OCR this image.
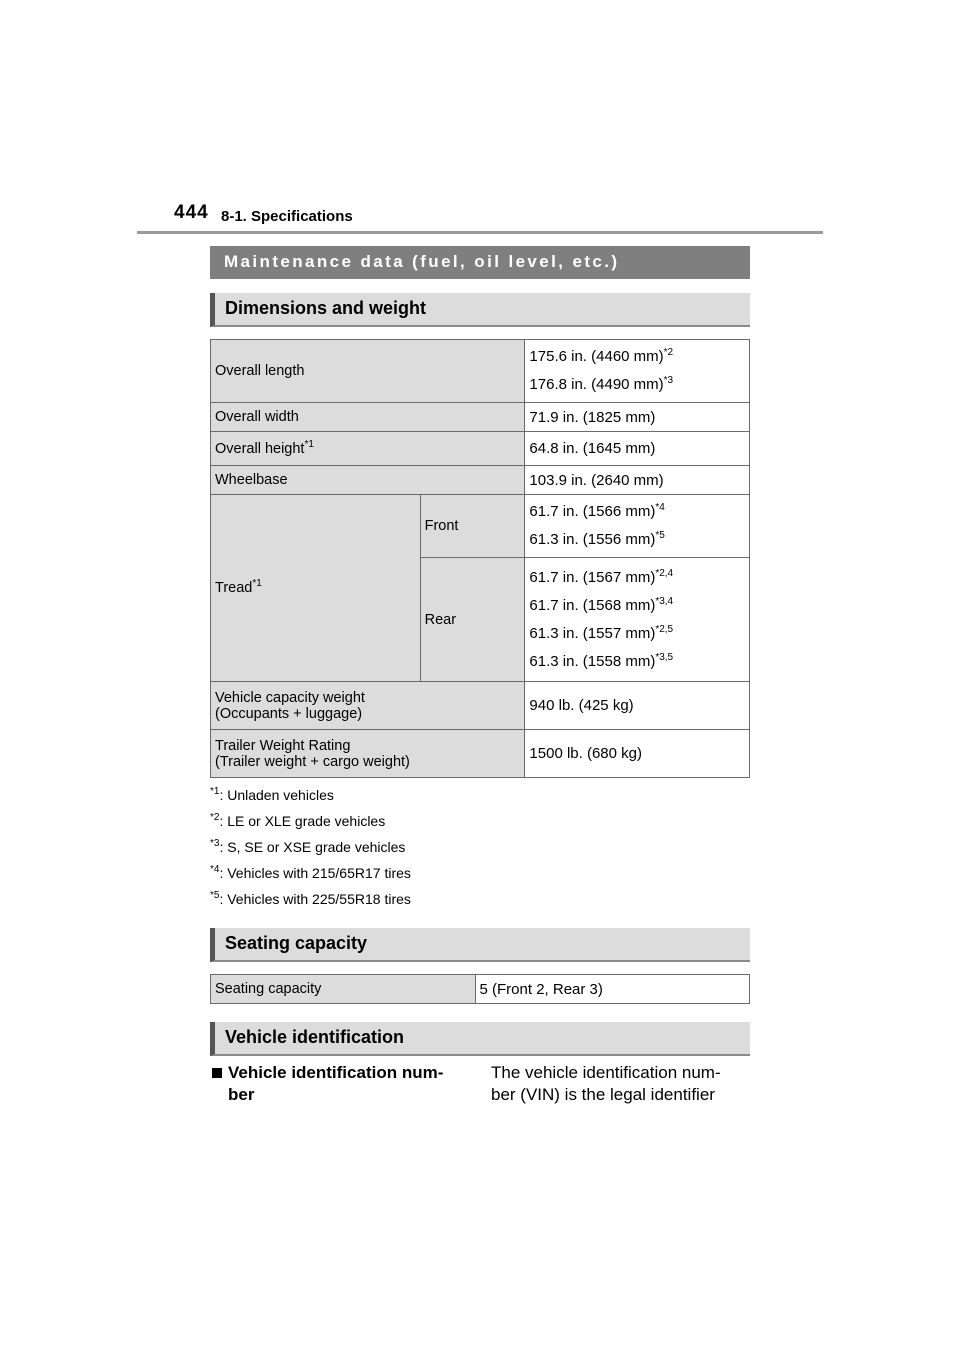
444 8-1. Specifications
Maintenance data (fuel, oil level, etc.)
Dimensions and weight
Overall length		175.6 in. (4460 mm)$^{*2}$
176.8 in. (4490 mm)$^{*3}$

Overall width		71.9 in. (1825 mm)
Overall height$^{*1}$		64.8 in. (1645 mm)
Wheelbase		103.9 in. (2640 mm)
Tread$^{*1}$	Front	61.7 in. (1566 mm)$^{*4}$
61.3 in. (1556 mm)$^{*5}$

	Rear	61.7 in. (1567 mm)$^{*2,4}$
61.7 in. (1568 mm)$^{*3,4}$
61.3 in. (1557 mm)$^{*2,5}$
61.3 in. (1558 mm)$^{*3,5}$

Vehicle capacity weight
(Occupants + luggage)		940 lb. (425 kg)

Trailer Weight Rating
(Trailer weight + cargo weight)		1500 lb. (680 kg)
$^{*1}$: Unladen vehicles
$^{*2}$: LE or XLE grade vehicles
$^{*3}$: S, SE or XSE grade vehicles
$^{*4}$: Vehicles with 215/65R17 tires
$^{*5}$: Vehicles with 225/55R18 tires
Seating capacity
Seating capacity	5 (Front 2, Rear 3)
Vehicle identification
Vehicle identification num-
ber
The vehicle identification num-
ber (VIN) is the legal identifier
